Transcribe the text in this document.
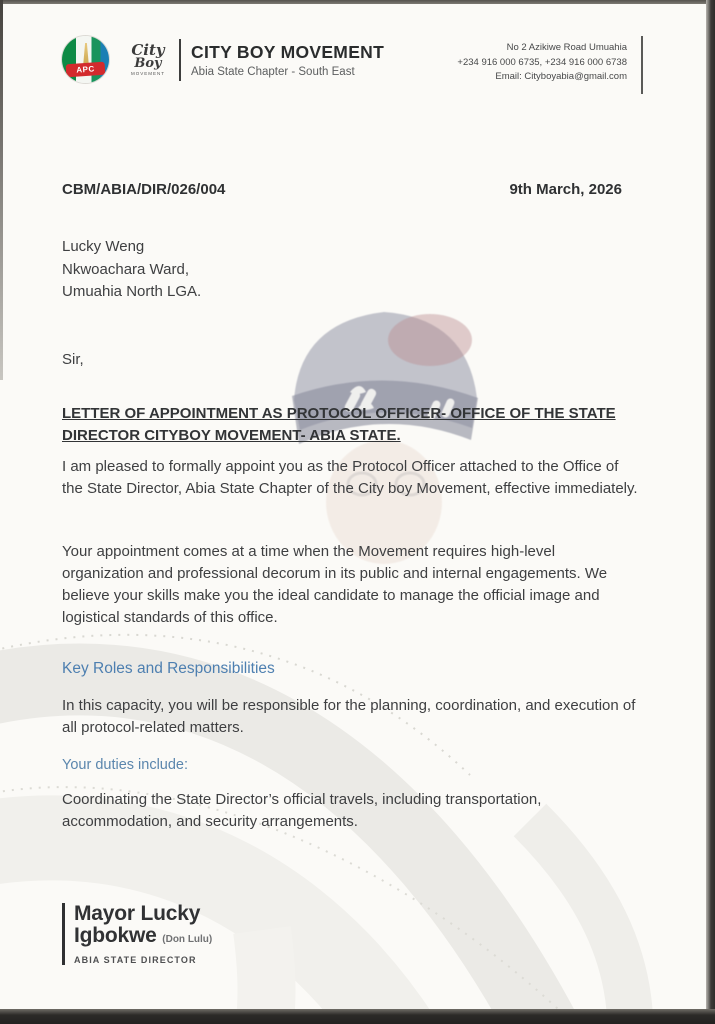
APC
City
Boy
MOVEMENT
CITY BOY MOVEMENT
Abia State Chapter - South East
No 2 Azikiwe Road Umuahia
+234 916 000 6735, +234 916 000 6738
Email: Cityboyabia@gmail.com
CBM/ABIA/DIR/026/004	9th March, 2026
Lucky Weng
Nkwoachara Ward,
Umuahia North LGA.
Sir,
LETTER OF APPOINTMENT AS PROTOCOL OFFICER- OFFICE OF THE STATE DIRECTOR CITYBOY MOVEMENT- ABIA STATE.
I am pleased to formally appoint you as the Protocol Officer attached to the Office of the State Director, Abia State Chapter of the City boy Movement, effective immediately.
Your appointment comes at a time when the Movement requires high-level organization and professional decorum in its public and internal engagements. We believe your skills make you the ideal candidate to manage the official image and logistical standards of this office.
Key Roles and Responsibilities
In this capacity, you will be responsible for the planning, coordination, and execution of all protocol-related matters.
Your duties include:
Coordinating the State Director’s official travels, including transportation, accommodation, and security arrangements.
Mayor Lucky
Igbokwe (Don Lulu)
ABIA STATE DIRECTOR
